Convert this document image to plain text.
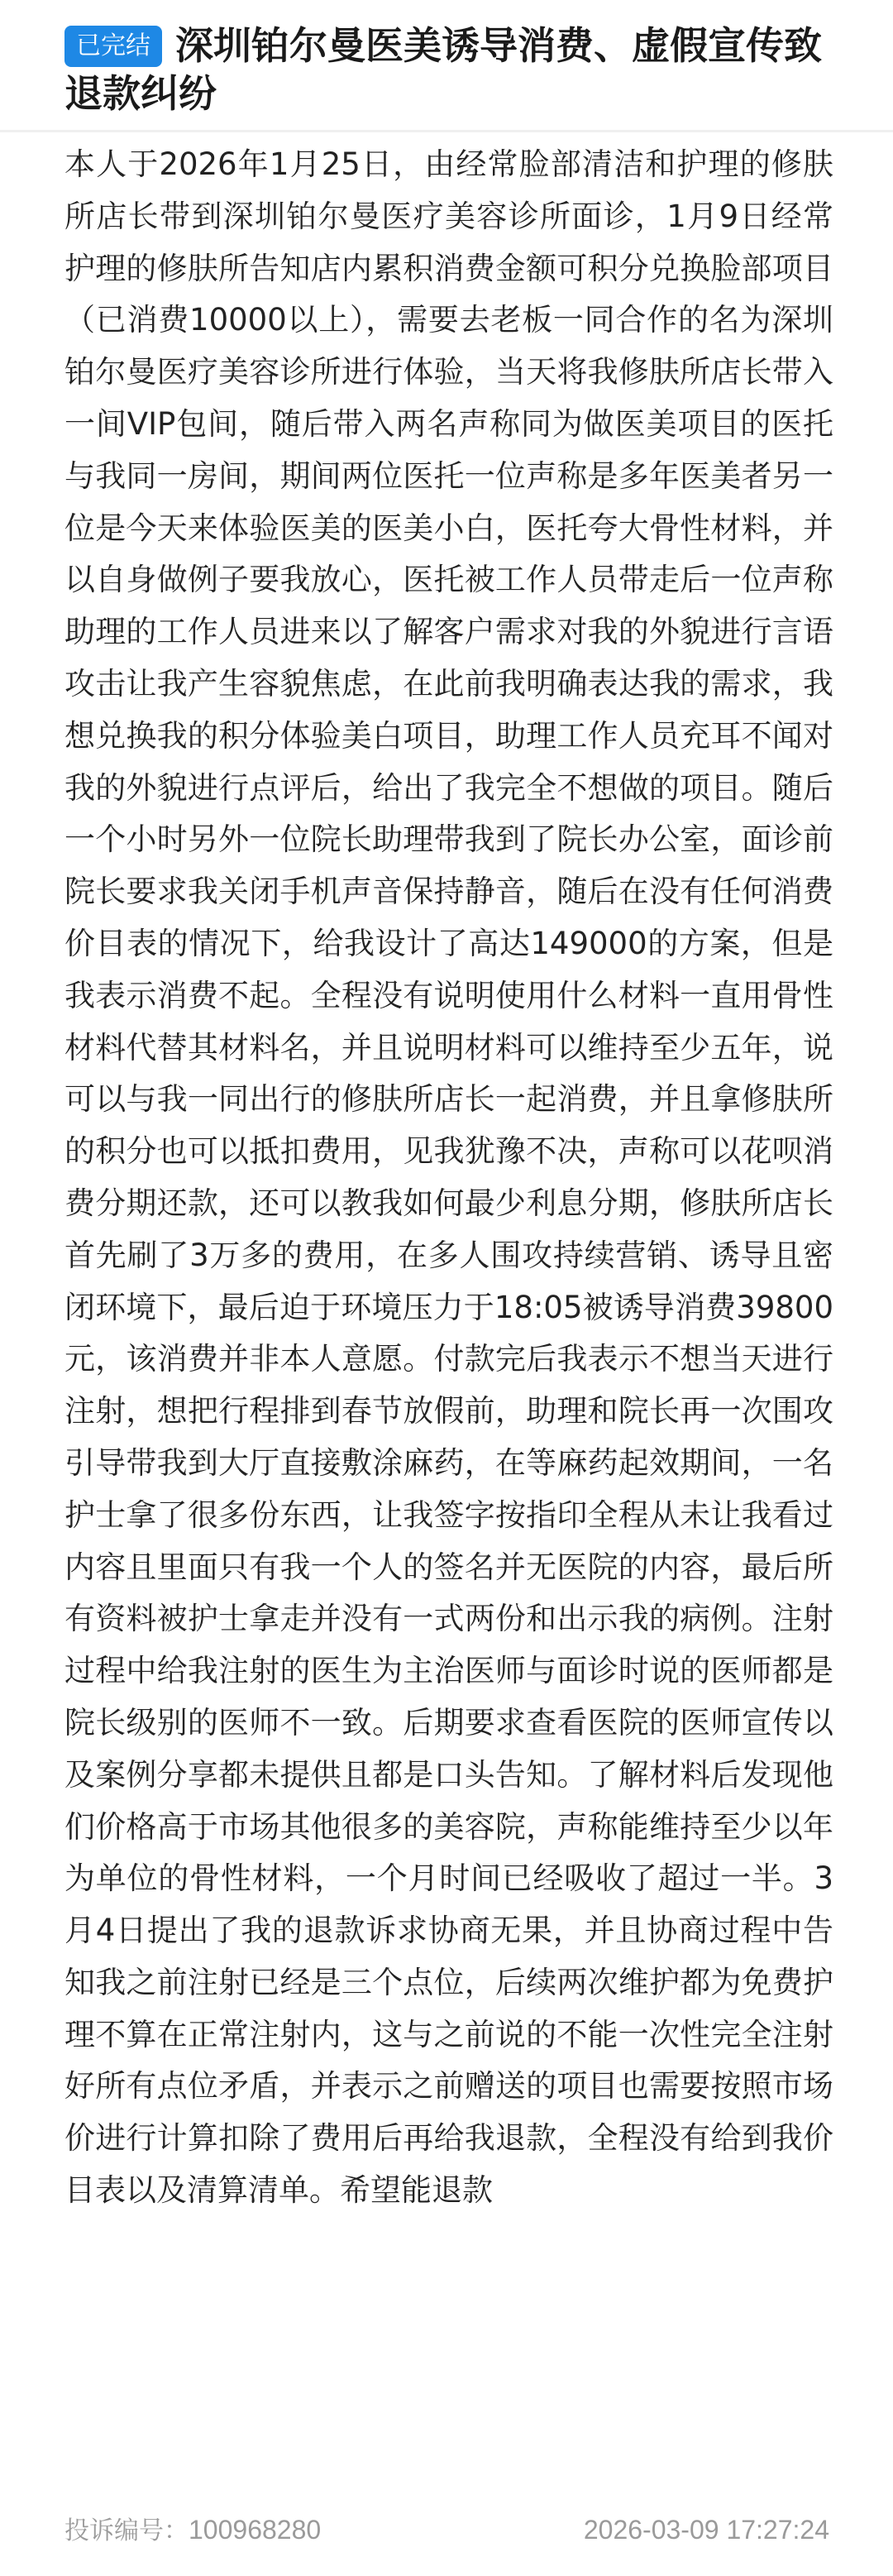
已完结 深圳铂尔曼医美诱导消费、虚假宣传致退款纠纷

本人于2026年1月25日，由经常脸部清洁和护理的修肤所店长带到深圳铂尔曼医疗美容诊所面诊，1月9日经常护理的修肤所告知店内累积消费金额可积分兑换脸部项目（已消费10000以上），需要去老板一同合作的名为深圳铂尔曼医疗美容诊所进行体验，当天将我修肤所店长带入一间VIP包间，随后带入两名声称同为做医美项目的医托与我同一房间，期间两位医托一位声称是多年医美者另一位是今天来体验医美的医美小白，医托夸大骨性材料，并以自身做例子要我放心，医托被工作人员带走后一位声称助理的工作人员进来以了解客户需求对我的外貌进行言语攻击让我产生容貌焦虑，在此前我明确表达我的需求，我想兑换我的积分体验美白项目，助理工作人员充耳不闻对我的外貌进行点评后，给出了我完全不想做的项目。随后一个小时另外一位院长助理带我到了院长办公室，面诊前院长要求我关闭手机声音保持静音，随后在没有任何消费价目表的情况下，给我设计了高达149000的方案，但是我表示消费不起。全程没有说明使用什么材料一直用骨性材料代替其材料名，并且说明材料可以维持至少五年，说可以与我一同出行的修肤所店长一起消费，并且拿修肤所的积分也可以抵扣费用，见我犹豫不决，声称可以花呗消费分期还款，还可以教我如何最少利息分期，修肤所店长首先刷了3万多的费用，在多人围攻持续营销、诱导且密闭环境下，最后迫于环境压力于18:05被诱导消费39800元，该消费并非本人意愿。付款完后我表示不想当天进行注射，想把行程排到春节放假前，助理和院长再一次围攻引导带我到大厅直接敷涂麻药，在等麻药起效期间，一名护士拿了很多份东西，让我签字按指印全程从未让我看过内容且里面只有我一个人的签名并无医院的内容，最后所有资料被护士拿走并没有一式两份和出示我的病例。注射过程中给我注射的医生为主治医师与面诊时说的医师都是院长级别的医师不一致。后期要求查看医院的医师宣传以及案例分享都未提供且都是口头告知。了解材料后发现他们价格高于市场其他很多的美容院，声称能维持至少以年为单位的骨性材料，一个月时间已经吸收了超过一半。3月4日提出了我的退款诉求协商无果，并且协商过程中告知我之前注射已经是三个点位，后续两次维护都为免费护理不算在正常注射内，这与之前说的不能一次性完全注射好所有点位矛盾，并表示之前赠送的项目也需要按照市场价进行计算扣除了费用后再给我退款，全程没有给到我价目表以及清算清单。希望能退款

投诉编号：100968280	2026-03-09 17:27:24
